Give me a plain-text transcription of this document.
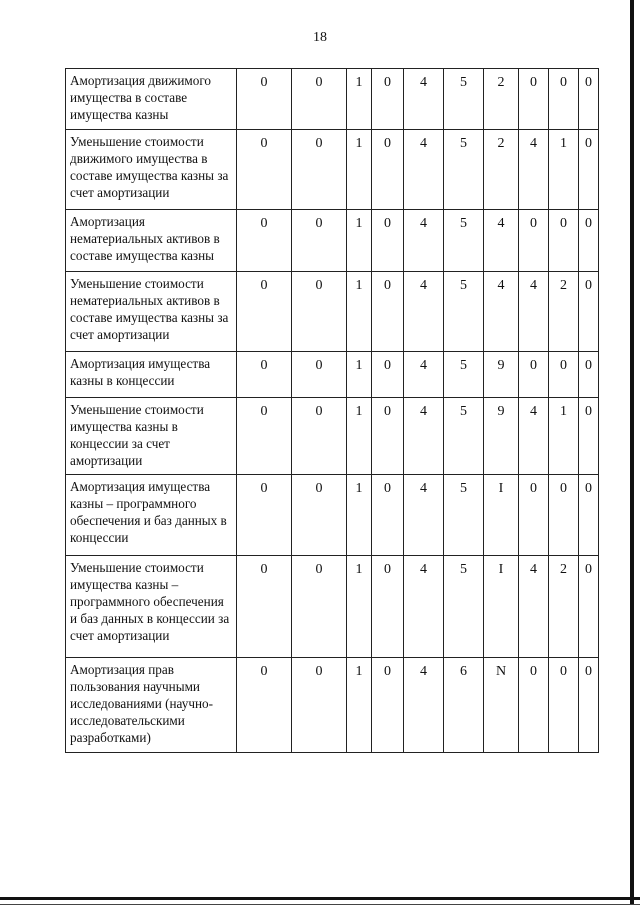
18
Амортизация движимого имущества в составе имущества казны	0	0	1	0	4	5	2	0	0	0
Уменьшение стоимости движимого имущества в составе имущества казны за счет амортизации	0	0	1	0	4	5	2	4	1	0
Амортизация нематериальных активов в составе имущества казны	0	0	1	0	4	5	4	0	0	0
Уменьшение стоимости нематериальных активов в составе имущества казны за счет амортизации	0	0	1	0	4	5	4	4	2	0
Амортизация имущества казны в концессии	0	0	1	0	4	5	9	0	0	0
Уменьшение стоимости имущества казны в концессии за счет амортизации	0	0	1	0	4	5	9	4	1	0
Амортизация имущества казны – программного обеспечения и баз данных в концессии	0	0	1	0	4	5	I	0	0	0
Уменьшение стоимости имущества казны – программного обеспечения и баз данных в концессии за счет амортизации	0	0	1	0	4	5	I	4	2	0
Амортизация прав пользования научными исследованиями (научно-исследовательскими разработками)	0	0	1	0	4	6	N	0	0	0
